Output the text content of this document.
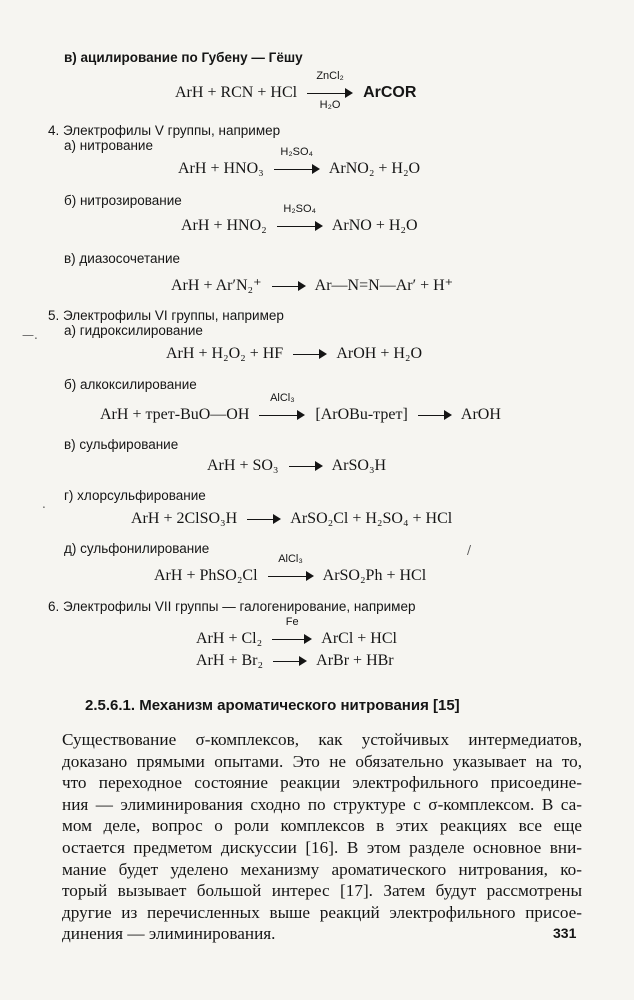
в) ацилирование по Губену — Гёшу
ArH + RCN + HCl
ZnCl₂
H₂O
ArCOR
4. Электрофилы V группы, например
а) нитрование
ArH + HNO₃
H₂SO₄
ArNO₂ + H₂O
б) нитрозирование
ArH + HNO₂
H₂SO₄
ArNO + H₂O
в) диазосочетание
ArH + Ar′N₂⁺	Ar—N=N—Ar′ + H⁺
5. Электрофилы VI группы, например
—. а) гидроксилирование
ArH + H₂O₂ + HF	ArOH + H₂O
б) алкоксилирование
ArH + трет-BuO—OH
AlCl₃
[ArOBu-трет]	ArOH
в) сульфирование
ArH + SO₃	ArSO₃H
г) хлорсульфирование
.
ArH + 2ClSO₃H	ArSO₂Cl + H₂SO₄ + HCl
д) сульфонилирование	/
ArH + PhSO₂Cl
AlCl₃
ArSO₂Ph + HCl
6. Электрофилы VII группы — галогенирование, например
ArH + Cl₂
Fe
ArCl + HCl
ArH + Br₂	ArBr + HBr
2.5.6.1. Механизм ароматического нитрования [15]
Существование σ-комплексов, как устойчивых интермедиатов,
доказано прямыми опытами. Это не обязательно указывает на то,
что переходное состояние реакции электрофильного присоедине-
ния — элиминирования сходно по структуре с σ-комплексом. В са-
мом деле, вопрос о роли комплексов в этих реакциях все еще
остается предметом дискуссии [16]. В этом разделе основное вни-
мание будет уделено механизму ароматического нитрования, ко-
торый вызывает большой интерес [17]. Затем будут рассмотрены
другие из перечисленных выше реакций электрофильного присое-
динения — элиминирования.	331
